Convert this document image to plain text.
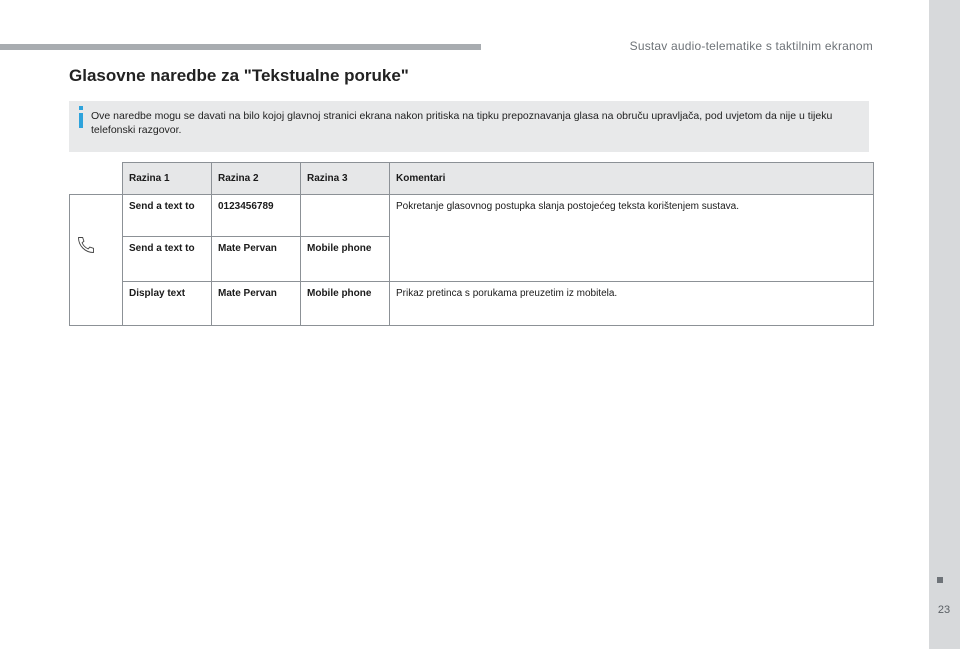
Sustav audio-telematike s taktilnim ekranom
Glasovne naredbe za "Tekstualne poruke"
Ove naredbe mogu se davati na bilo kojoj glavnoj stranici ekrana nakon pritiska na tipku prepoznavanja glasa na obruču upravljača, pod uvjetom da nije u tijeku telefonski razgovor.
	Razina 1	Razina 2	Razina 3	Komentari
	Send a text to	0123456789		Pokretanje glasovnog postupka slanja postojećeg teksta korištenjem sustava.
	Send a text to	Mate Pervan	Mobile phone	
	Display text	Mate Pervan	Mobile phone	Prikaz pretinca s porukama preuzetim iz mobitela.
23
